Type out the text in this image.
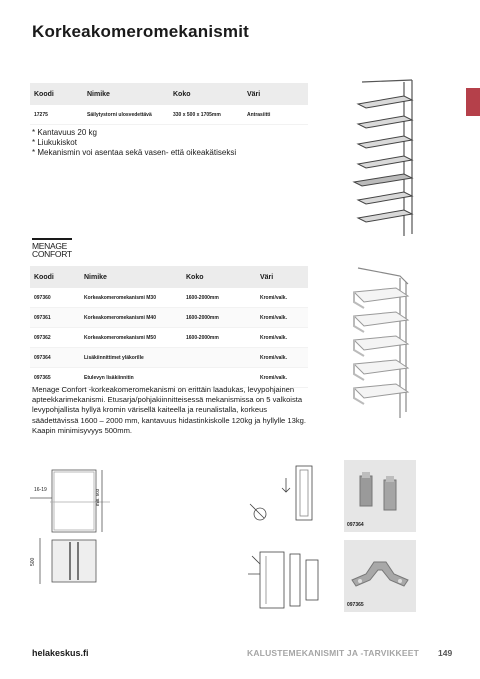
Korkeakomeromekanismit
Koodi	Nimike	Koko	Väri
17275	Säilytystorni ulosvedettävä	330 x 500 x 1705mm	Antrasiitti
* Kantavuus 20 kg
* Liukukiskot
* Mekanismin voi asentaa sekä vasen- että oikeakätiseksi
MENAGE
CONFORT
Koodi	Nimike	Koko	Väri
097360	Korkeakomeromekanismi M30	1600-2000mm	Kromi/valk.
097361	Korkeakomeromekanismi M40	1600-2000mm	Kromi/valk.
097362	Korkeakomeromekanismi M50	1600-2000mm	Kromi/valk.
097364	Lisäkiinnittimet yläkorille		Kromi/valk.
097365	Etulevyn lisäkiinnitin		Kromi/valk.
Menage Confort -korkeakomeromekanismi on erittäin laadukas, levypohjainen apteekkarimekanismi. Etusarja/pohjakiinnitteisessä mekanismissa on 5 valkoista levypohjallista hyllyä kromin värisellä kaiteella ja reunalistalla, korkeus säädettävissä 1600 – 2000 mm, kantavuus hidastinkiskolle 120kg ja hyllylle 13kg. Kaapin minimisyvyys 500mm.
16-19	min. 503
500
097364
097365
helakeskus.fi	KALUSTEMEKANISMIT JA -TARVIKKEET 149
